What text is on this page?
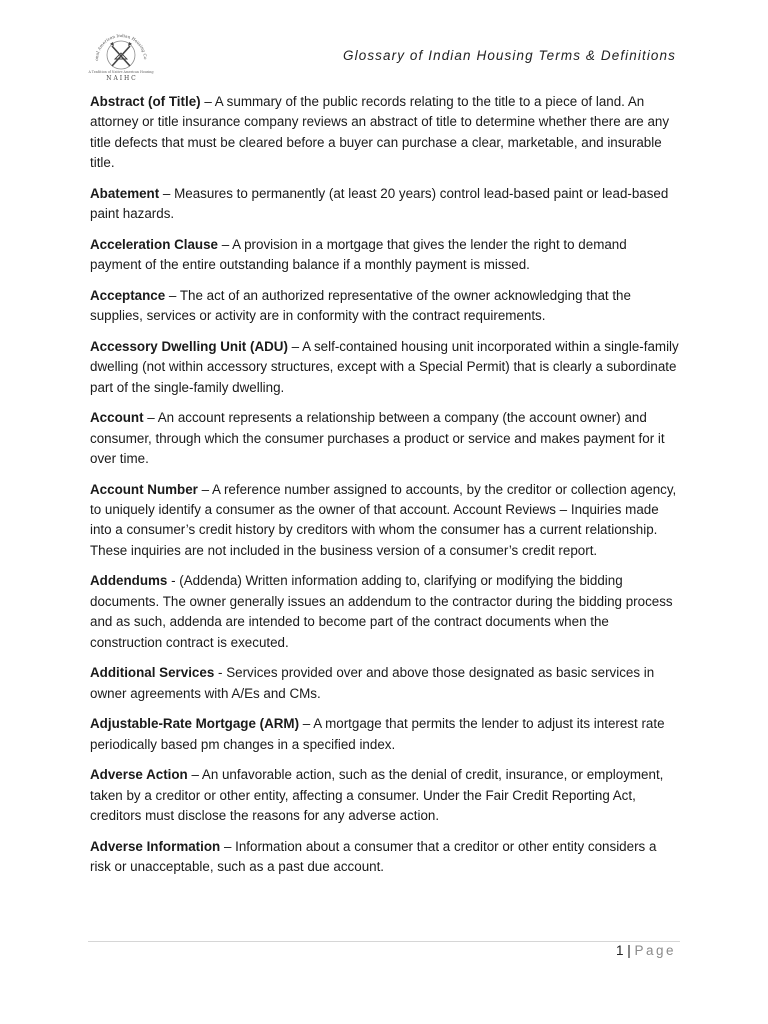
onal American Indian Housing Co
A Tradition of Native American Housing
N A I H C
Glossary of Indian Housing Terms & Definitions

Abstract (of Title) – A summary of the public records relating to the title to a piece of land. An attorney or title insurance company reviews an abstract of title to determine whether there are any title defects that must be cleared before a buyer can purchase a clear, marketable, and insurable title.

Abatement – Measures to permanently (at least 20 years) control lead-based paint or lead-based paint hazards.

Acceleration Clause – A provision in a mortgage that gives the lender the right to demand payment of the entire outstanding balance if a monthly payment is missed.

Acceptance – The act of an authorized representative of the owner acknowledging that the supplies, services or activity are in conformity with the contract requirements.

Accessory Dwelling Unit (ADU) – A self-contained housing unit incorporated within a single-family dwelling (not within accessory structures, except with a Special Permit) that is clearly a subordinate part of the single-family dwelling.

Account – An account represents a relationship between a company (the account owner) and consumer, through which the consumer purchases a product or service and makes payment for it over time.

Account Number – A reference number assigned to accounts, by the creditor or collection agency, to uniquely identify a consumer as the owner of that account. Account Reviews – Inquiries made into a consumer’s credit history by creditors with whom the consumer has a current relationship. These inquiries are not included in the business version of a consumer’s credit report.

Addendums - (Addenda) Written information adding to, clarifying or modifying the bidding documents. The owner generally issues an addendum to the contractor during the bidding process and as such, addenda are intended to become part of the contract documents when the construction contract is executed.

Additional Services - Services provided over and above those designated as basic services in owner agreements with A/Es and CMs.

Adjustable-Rate Mortgage (ARM) – A mortgage that permits the lender to adjust its interest rate periodically based pm changes in a specified index.

Adverse Action – An unfavorable action, such as the denial of credit, insurance, or employment, taken by a creditor or other entity, affecting a consumer. Under the Fair Credit Reporting Act, creditors must disclose the reasons for any adverse action.

Adverse Information – Information about a consumer that a creditor or other entity considers a risk or unacceptable, such as a past due account.

1 | Page
